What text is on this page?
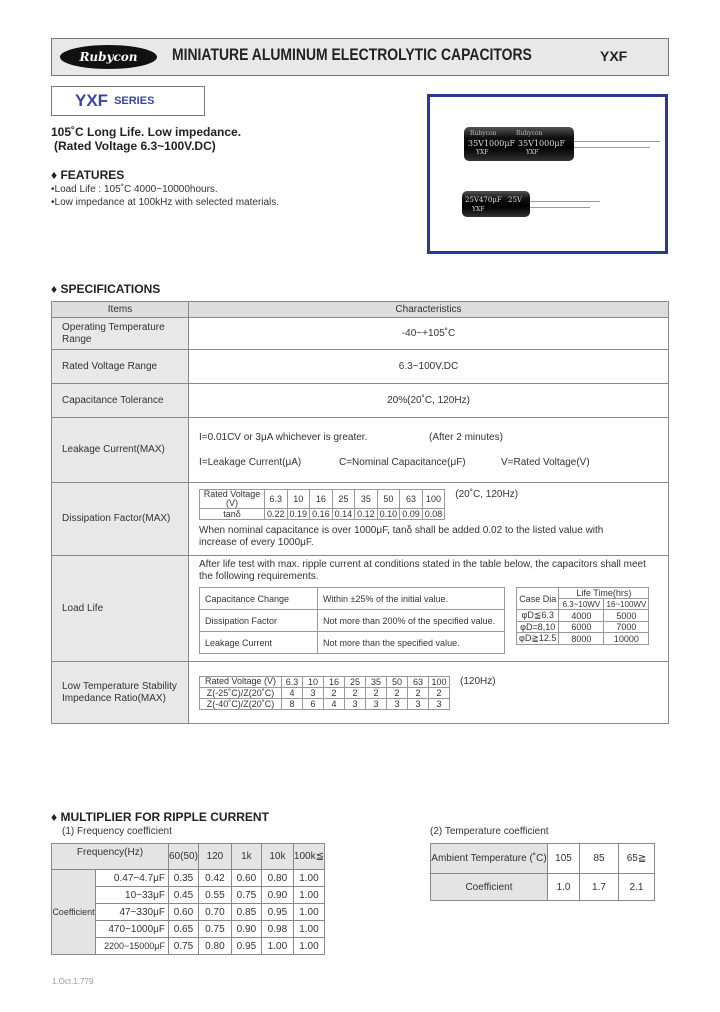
Rubycon MINIATURE ALUMINUM ELECTROLYTIC CAPACITORS	YXF
YXF SERIES
105˚C Long Life. Low impedance.
(Rated Voltage 6.3~100V.DC)
♦ FEATURES
•Load Life : 105˚C 4000~10000hours.
•Low impedance at 100kHz with selected materials.
Rubycon	Rubycon
35V1000μF 35V1000μF
YXF	YXF
25V470μF 25V
YXF
♦ SPECIFICATIONS
Items	Characteristics
Operating Temperature Range	-40~+105˚C
Rated Voltage Range	6.3~100V.DC
Capacitance Tolerance	20%(20˚C, 120Hz)
Leakage Current(MAX)	
I=0.01CV or 3μA whichever is greater.	(After 2 minutes)
I=Leakage Current(μA)	C=Nominal Capacitance(μF)	V=Rated Voltage(V)

Dissipation Factor(MAX)	
Rated Voltage (V)	6.3	10	16	25	35	50	63	100
tanδ	0.22	0.19	0.16	0.14	0.12	0.10	0.09	0.08
(20˚C, 120Hz)
When nominal capacitance is over 1000μF, tanδ shall be added 0.02 to the listed value with increase of every 1000μF.

Load Life	
After life test with max. ripple current at conditions stated in the table below, the capacitors shall meet the following requirements.
Capacitance Change	Within ±25% of the initial value.
Dissipation Factor	Not more than 200% of the specified value.
Leakage Current	Not more than the specified value.
Case Dia	Life Time(hrs)
6.3~10WV	16~100WV
φD≦6.3	4000	5000
φD=8,10	6000	7000
φD≧12.5	8000	10000

Low Temperature Stability Impedance Ratio(MAX)	
Rated Voltage (V)	6.3	10	16	25	35	50	63	100
Z(-25˚C)/Z(20˚C)	4	3	2	2	2	2	2	2
Z(-40˚C)/Z(20˚C)	8	6	4	3	3	3	3	3
(120Hz)
♦ MULTIPLIER FOR RIPPLE CURRENT
(1) Frequency coefficient	(2) Temperature coefficient
Frequency(Hz)		60(50)	120	1k	10k	100k≦
Coefficient	0.47~4.7μF	0.35	0.42	0.60	0.80	1.00
	10~33μF	0.45	0.55	0.75	0.90	1.00
	47~330μF	0.60	0.70	0.85	0.95	1.00
	470~1000μF	0.65	0.75	0.90	0.98	1.00
	2200~15000μF	0.75	0.80	0.95	1.00	1.00
Ambient Temperature (˚C)	105	85	65≧
Coefficient	1.0	1.7	2.1
1.Oct.1.779
